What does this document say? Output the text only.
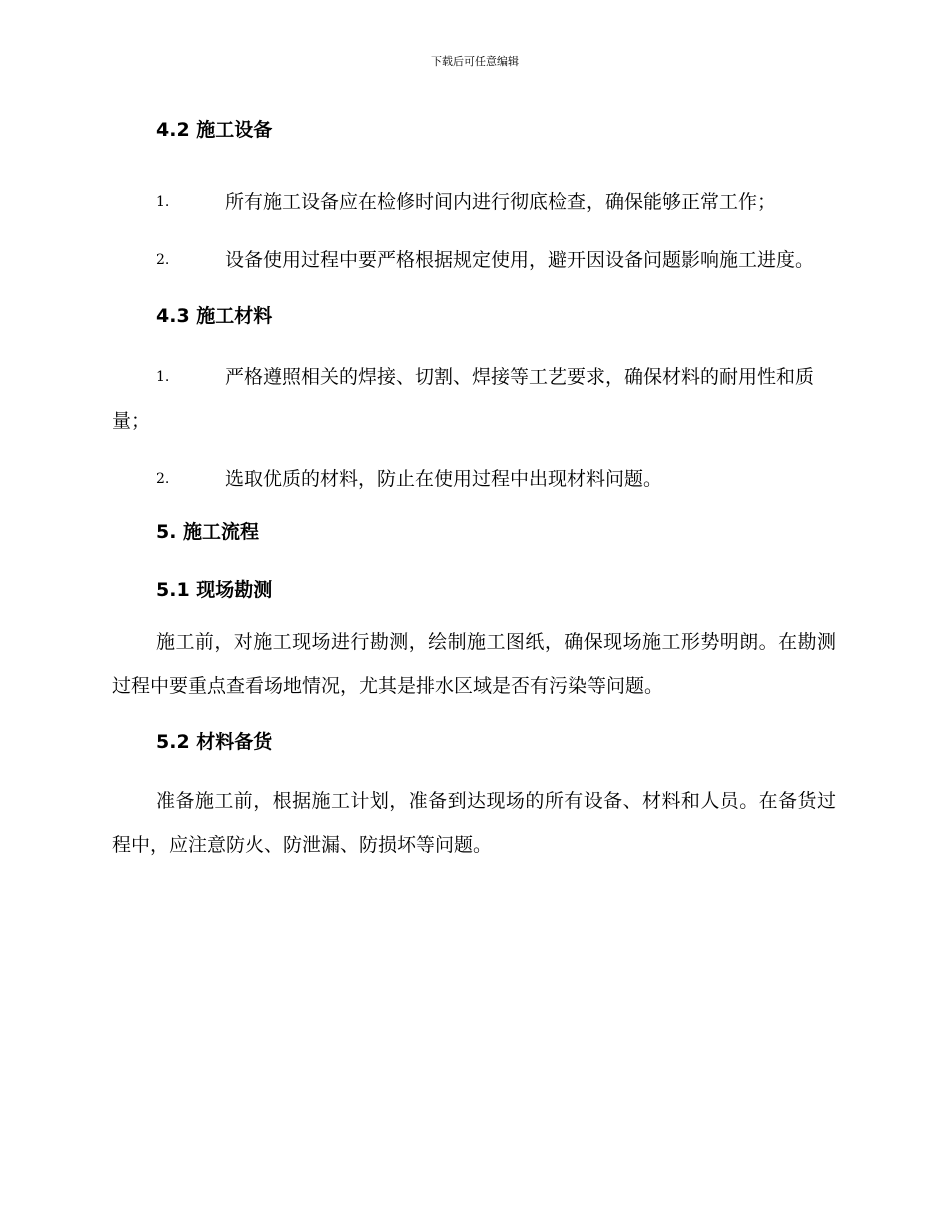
下载后可任意编辑
4.2 施工设备
1.	所有施工设备应在检修时间内进行彻底检查，确保能够正常工作；
2.	设备使用过程中要严格根据规定使用，避开因设备问题影响施工进度。
4.3 施工材料
1.	严格遵照相关的焊接、切割、焊接等工艺要求，确保材料的耐用性和质量；
2.	选取优质的材料，防止在使用过程中出现材料问题。
5. 施工流程
5.1 现场勘测

施工前，对施工现场进行勘测，绘制施工图纸，确保现场施工形势明朗。在勘测过程中要重点查看场地情况，尤其是排水区域是否有污染等问题。

5.2 材料备货

准备施工前，根据施工计划，准备到达现场的所有设备、材料和人员。在备货过程中，应注意防火、防泄漏、防损坏等问题。
